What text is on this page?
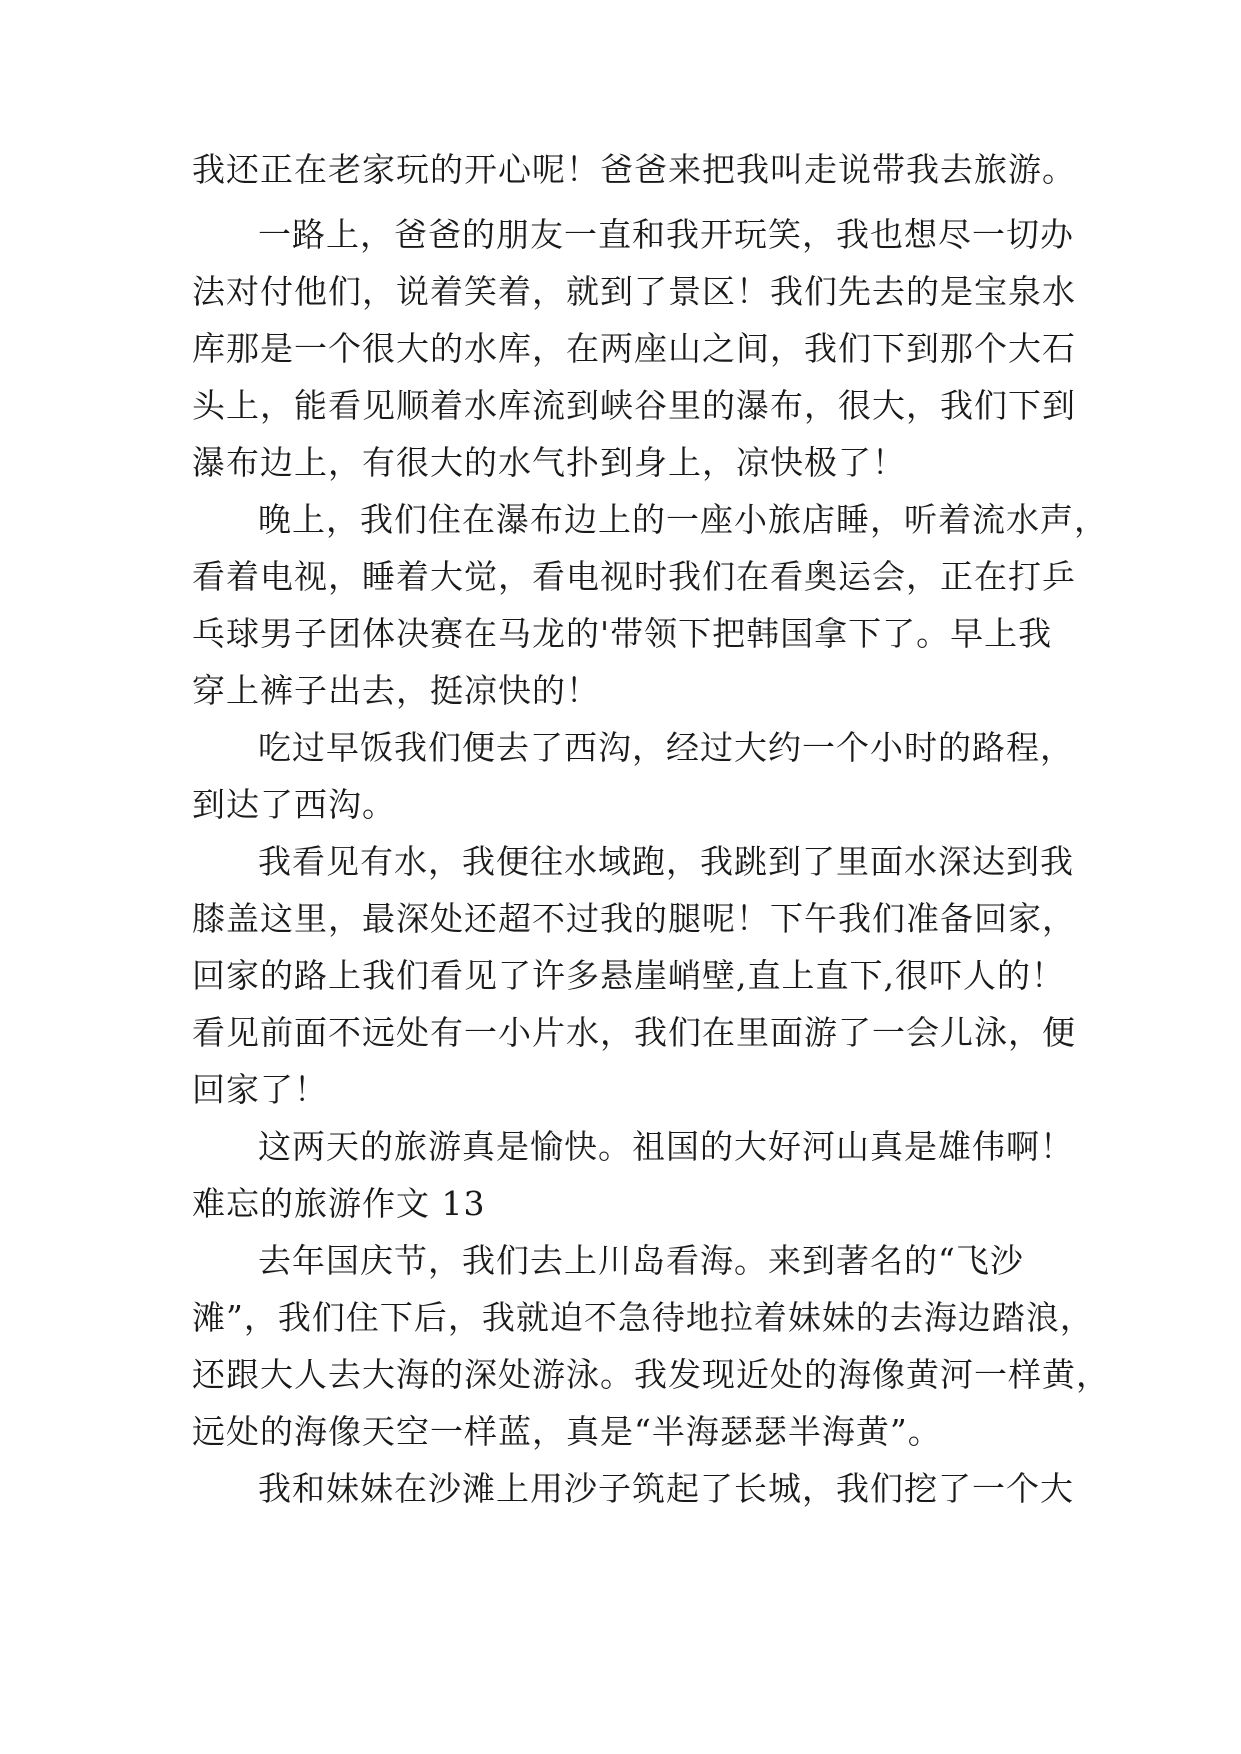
我还正在老家玩的开心呢！爸爸来把我叫走说带我去旅游。
一路上，爸爸的朋友一直和我开玩笑，我也想尽一切办
法对付他们，说着笑着，就到了景区！我们先去的是宝泉水
库那是一个很大的水库，在两座山之间，我们下到那个大石
头上，能看见顺着水库流到峡谷里的瀑布，很大，我们下到
瀑布边上，有很大的水气扑到身上，凉快极了！
晚上，我们住在瀑布边上的一座小旅店睡，听着流水声，
看着电视，睡着大觉，看电视时我们在看奥运会，正在打乒
乓球男子团体决赛在马龙的'带领下把韩国拿下了。早上我
穿上裤子出去，挺凉快的！
吃过早饭我们便去了西沟，经过大约一个小时的路程，
到达了西沟。
我看见有水，我便往水域跑，我跳到了里面水深达到我
膝盖这里，最深处还超不过我的腿呢！下午我们准备回家，
回家的路上我们看见了许多悬崖峭壁,直上直下,很吓人的！
看见前面不远处有一小片水，我们在里面游了一会儿泳，便
回家了！
这两天的旅游真是愉快。祖国的大好河山真是雄伟啊！
难忘的旅游作文 13
去年国庆节，我们去上川岛看海。来到著名的“飞沙
滩”，我们住下后，我就迫不急待地拉着妹妹的去海边踏浪，
还跟大人去大海的深处游泳。我发现近处的海像黄河一样黄，
远处的海像天空一样蓝，真是“半海瑟瑟半海黄”。
我和妹妹在沙滩上用沙子筑起了长城，我们挖了一个大
